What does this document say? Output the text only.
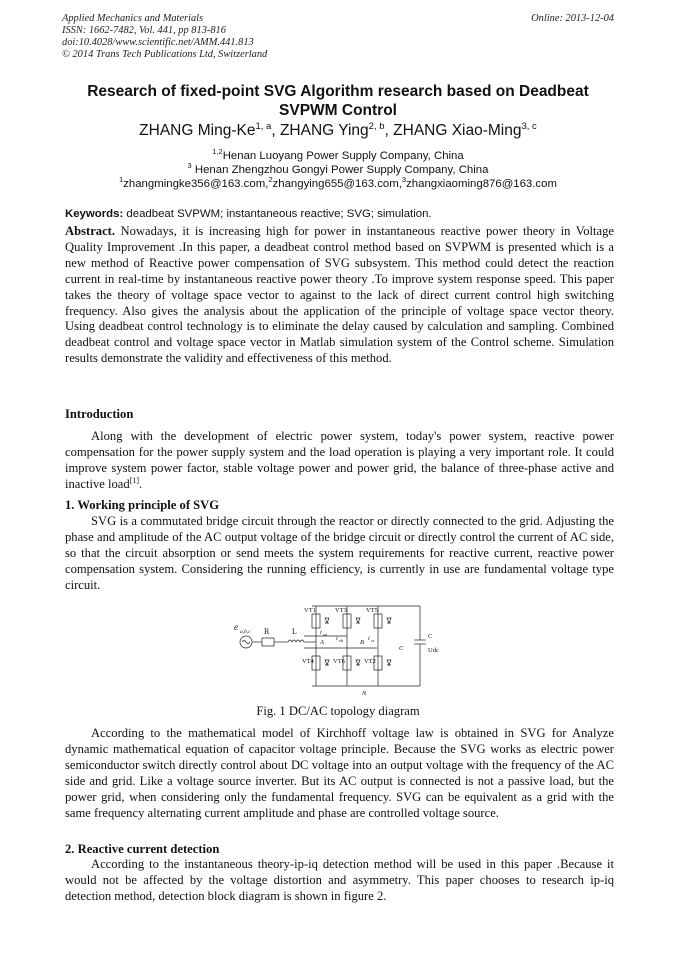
Applied Mechanics and Materials
ISSN: 1662-7482, Vol. 441, pp 813-816
doi:10.4028/www.scientific.net/AMM.441.813
© 2014 Trans Tech Publications Ltd, Switzerland
Online: 2013-12-04
Research of fixed-point SVG Algorithm research based on Deadbeat SVPWM Control
ZHANG Ming-Ke$^{1, a}$, ZHANG Ying$^{2, b}$, ZHANG Xiao-Ming$^{3, c}$
$^{1,2}$Henan Luoyang Power Supply Company, China
$^3$ Henan Zhengzhou Gongyi Power Supply Company, China
$^1$zhangmingke356@163.com,$^2$zhangying655@163.com,$^3$zhangxiaoming876@163.com
Keywords: deadbeat SVPWM; instantaneous reactive; SVG; simulation.

Abstract. Nowadays, it is increasing high for power in instantaneous reactive power theory in Voltage Quality Improvement .In this paper, a deadbeat control method based on SVPWM is presented which is a new method of Reactive power compensation of SVG subsystem. This method could detect the reaction current in real-time by instantaneous reactive power theory .To improve system response speed. This paper takes the theory of voltage space vector to against to the lack of direct current control high switching frequency. Also gives the analysis about the application of the principle of voltage space vector theory. Using deadbeat control technology is to eliminate the delay caused by calculation and sampling. Combined deadbeat control and voltage space vector in Matlab simulation system of the Control scheme. Simulation results demonstrate the validity and effectiveness of this method.

Introduction

Along with the development of electric power system, today's power system, reactive power compensation for the power supply system and the load operation is playing a very important role. It could improve system power factor, stable voltage power and power grid, the balance of three-phase active and inactive load[1].

1. Working principle of SVG

SVG is a commutated bridge circuit through the reactor or directly connected to the grid. Adjusting the phase and amplitude of the AC output voltage of the bridge circuit or directly control the current of AC side, so that the circuit absorption or send meets the system requirements for reactive current, reactive power compensation system. Considering the running efficiency, is currently in use are fundamental voltage type circuit.

e a,b,c R	L
VT1	VT3	VT5
VT4	VT6	VT2
i sa
i sb	i sc
A	B
C
C
Udc
N
Fig. 1 DC/AC topology diagram

According to the mathematical model of Kirchhoff voltage law is obtained in SVG for Analyze dynamic mathematical equation of capacitor voltage principle. Because the SVG works as electric power semiconductor switch directly control about DC voltage into an output voltage with the frequency of the AC side and grid. Like a voltage source inverter. But its AC output is connected is not a passive load, but the power grid, when considering only the fundamental frequency. SVG can be equivalent as a grid with the same frequency alternating current amplitude and phase are controlled voltage source.

2. Reactive current detection

According to the instantaneous theory-ip-iq detection method will be used in this paper .Because it would not be affected by the voltage distortion and asymmetry. This paper chooses to research ip-iq detection method, detection block diagram is shown in figure 2.
